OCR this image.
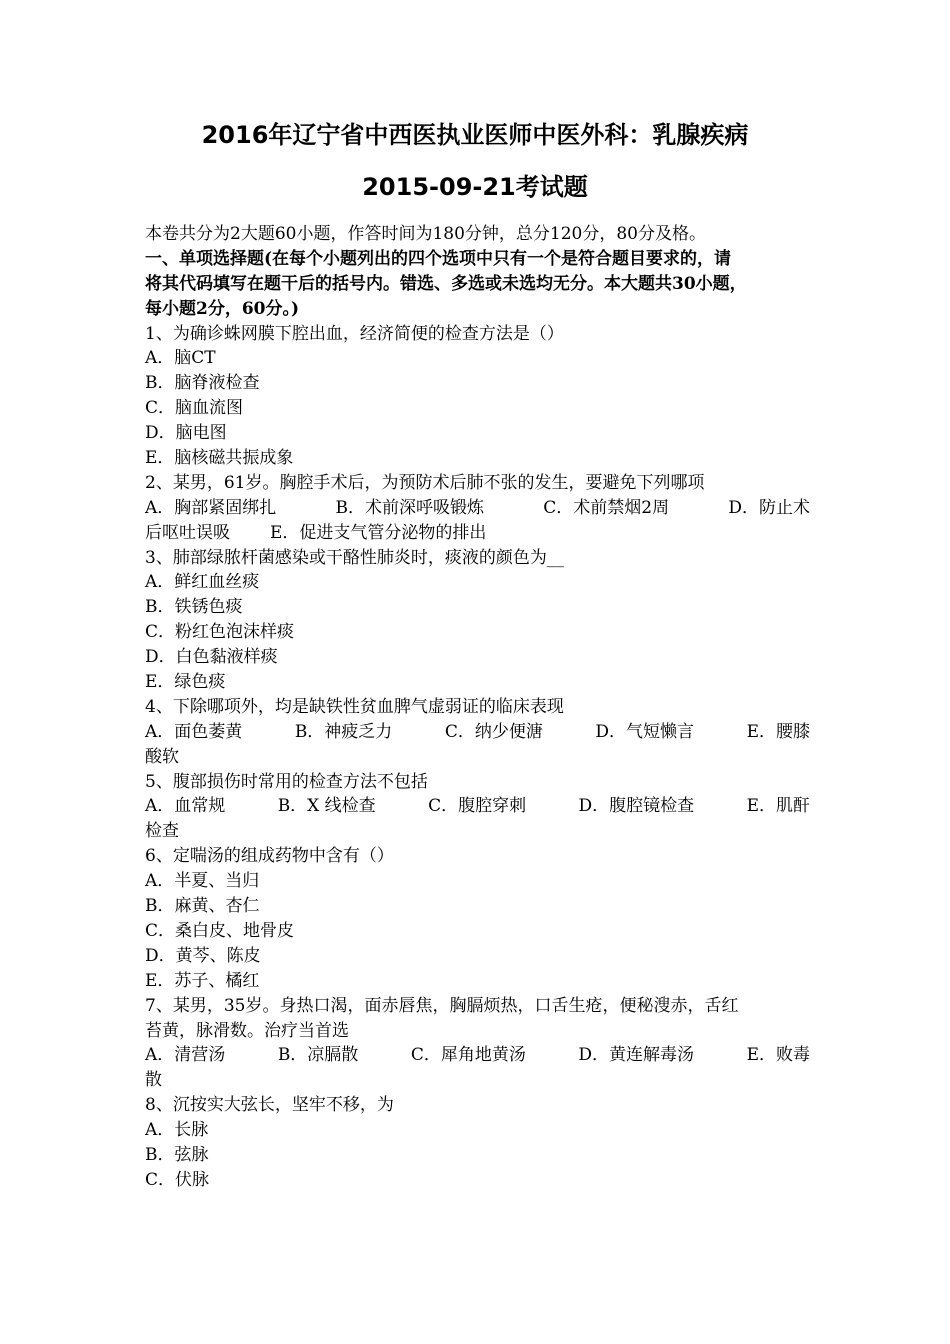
2016年辽宁省中西医执业医师中医外科：乳腺疾病
2015-09-21考试题
本卷共分为2大题60小题，作答时间为180分钟，总分120分，80分及格。
一、单项选择题(在每个小题列出的四个选项中只有一个是符合题目要求的，请
将其代码填写在题干后的括号内。错选、多选或未选均无分。本大题共30小题，
每小题2分，60分。)
1、为确诊蛛网膜下腔出血，经济简便的检查方法是（）
A．脑CT
B．脑脊液检查
C．脑血流图
D．脑电图
E．脑核磁共振成象
2、某男，61岁。胸腔手术后，为预防术后肺不张的发生，要避免下列哪项
A．胸部紧固绑扎	B．术前深呼吸锻炼	C．术前禁烟2周	D．防止术
后呕吐误吸 E．促进支气管分泌物的排出
3、肺部绿脓杆菌感染或干酪性肺炎时，痰液的颜色为__
A．鲜红血丝痰
B．铁锈色痰
C．粉红色泡沫样痰
D．白色黏液样痰
E．绿色痰
4、下除哪项外，均是缺铁性贫血脾气虚弱证的临床表现
A．面色萎黄	B．神疲乏力	C．纳少便溏	D．气短懒言	E．腰膝
酸软
5、腹部损伤时常用的检查方法不包括
A．血常规	B．X 线检查	C．腹腔穿刺	D．腹腔镜检查	E．肌酐
检查
6、定喘汤的组成药物中含有（）
A．半夏、当归
B．麻黄、杏仁
C．桑白皮、地骨皮
D．黄芩、陈皮
E．苏子、橘红
7、某男，35岁。身热口渴，面赤唇焦，胸膈烦热，口舌生疮，便秘溲赤，舌红
苔黄，脉滑数。治疗当首选
A．清营汤	B．凉膈散	C．犀角地黄汤	D．黄连解毒汤	E．败毒
散
8、沉按实大弦长，坚牢不移，为
A．长脉
B．弦脉
C．伏脉
